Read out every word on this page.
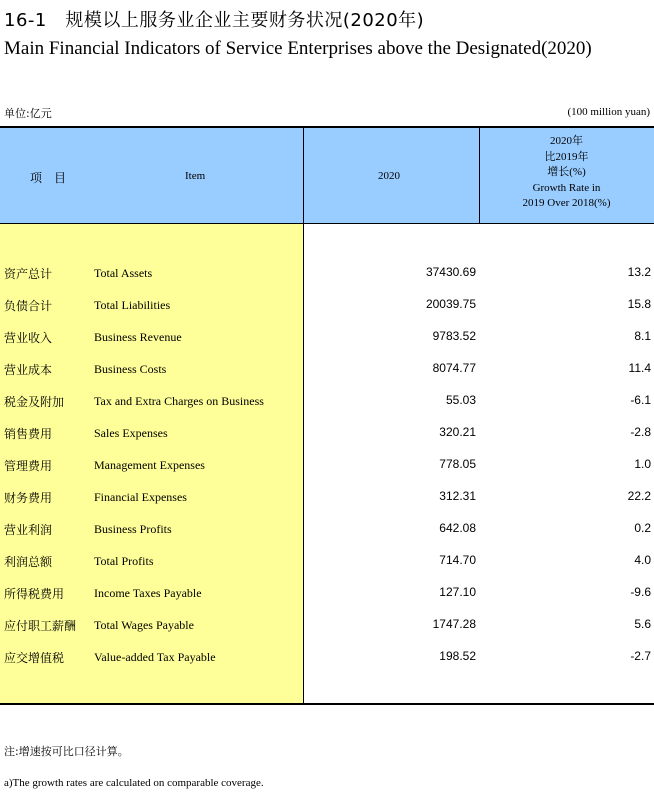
16-1　规模以上服务业企业主要财务状况(2020年)
Main Financial Indicators of Service Enterprises above the Designated(2020)
单位:亿元	(100 million yuan)
项　目	Item	2020
2020年
比2019年
增长(%)
Growth Rate in
2019 Over 2018(%)
资产总计	Total Assets	37430.69	13.2
负债合计	Total Liabilities	20039.75	15.8
营业收入	Business Revenue	9783.52	8.1
营业成本	Business Costs	8074.77	11.4
税金及附加 Tax and Extra Charges on Business	55.03	-6.1
销售费用	Sales Expenses	320.21	-2.8
管理费用	Management Expenses	778.05	1.0
财务费用	Financial Expenses	312.31	22.2
营业利润	Business Profits	642.08	0.2
利润总额	Total Profits	714.70	4.0
所得税费用 Income Taxes Payable	127.10	-9.6
应付职工薪酬 Total Wages Payable	1747.28	5.6
应交增值税 Value-added Tax Payable	198.52	-2.7
注:增速按可比口径计算。
a)The growth rates are calculated on comparable coverage.
